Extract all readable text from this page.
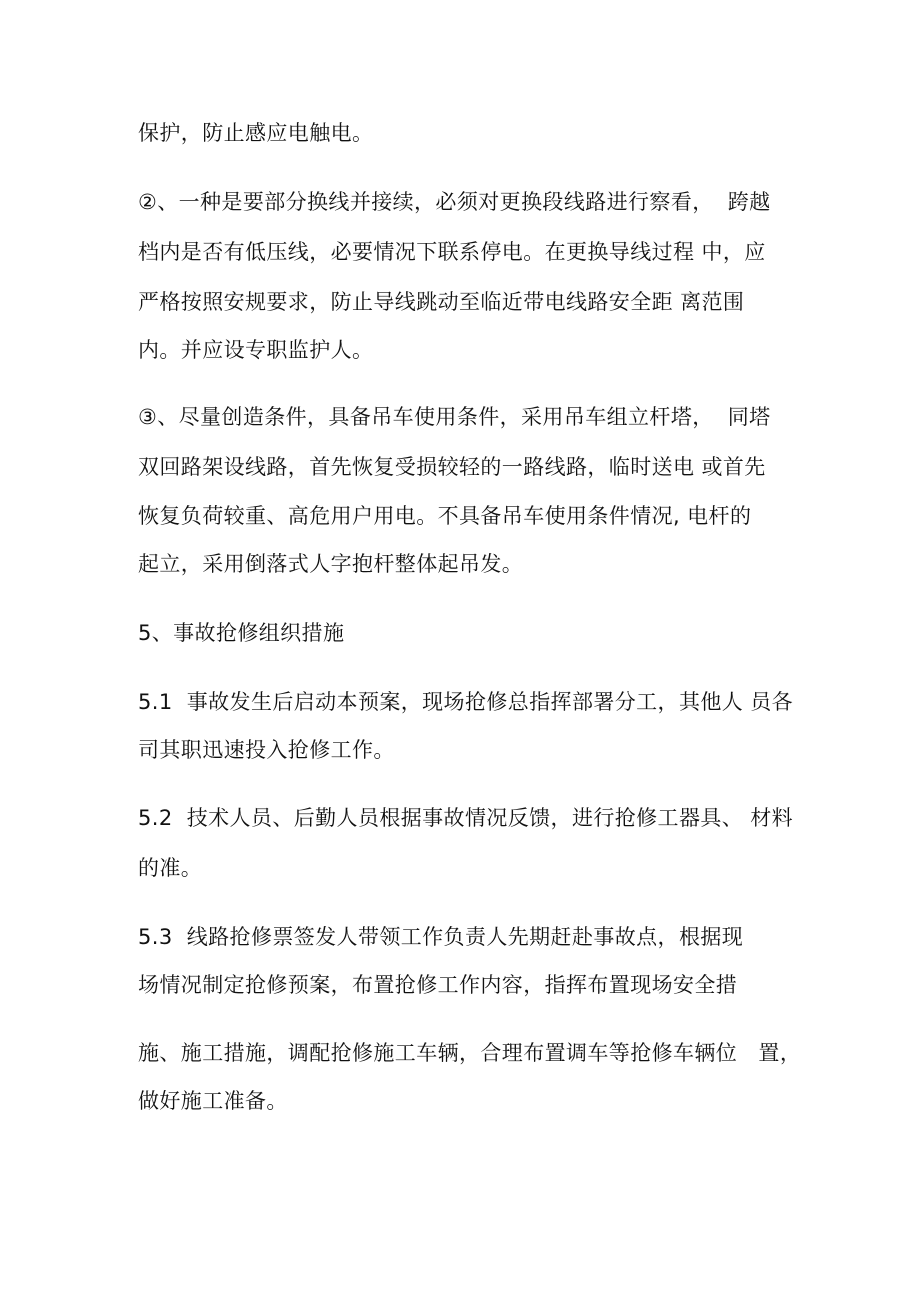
保护，防止感应电触电。

②、一种是要部分换线并接续，必须对更换段线路进行察看，  跨越

档内是否有低压线，必要情况下联系停电。在更换导线过程 中，应

严格按照安规要求，防止导线跳动至临近带电线路安全距 离范围

内。并应设专职监护人。

③、尽量创造条件，具备吊车使用条件，采用吊车组立杆塔，  同塔

双回路架设线路，首先恢复受损较轻的一路线路，临时送电 或首先

恢复负荷较重、高危用户用电。不具备吊车使用条件情况, 电杆的

起立，采用倒落式人字抱杆整体起吊发。

5、事故抢修组织措施

5.1  事故发生后启动本预案，现场抢修总指挥部署分工，其他人 员各

司其职迅速投入抢修工作。

5.2  技术人员、后勤人员根据事故情况反馈，进行抢修工器具、 材料

的准。

5.3  线路抢修票签发人带领工作负责人先期赶赴事故点，根据现

场情况制定抢修预案，布置抢修工作内容，指挥布置现场安全措

施、施工措施，调配抢修施工车辆，合理布置调车等抢修车辆位   置，

做好施工准备。
